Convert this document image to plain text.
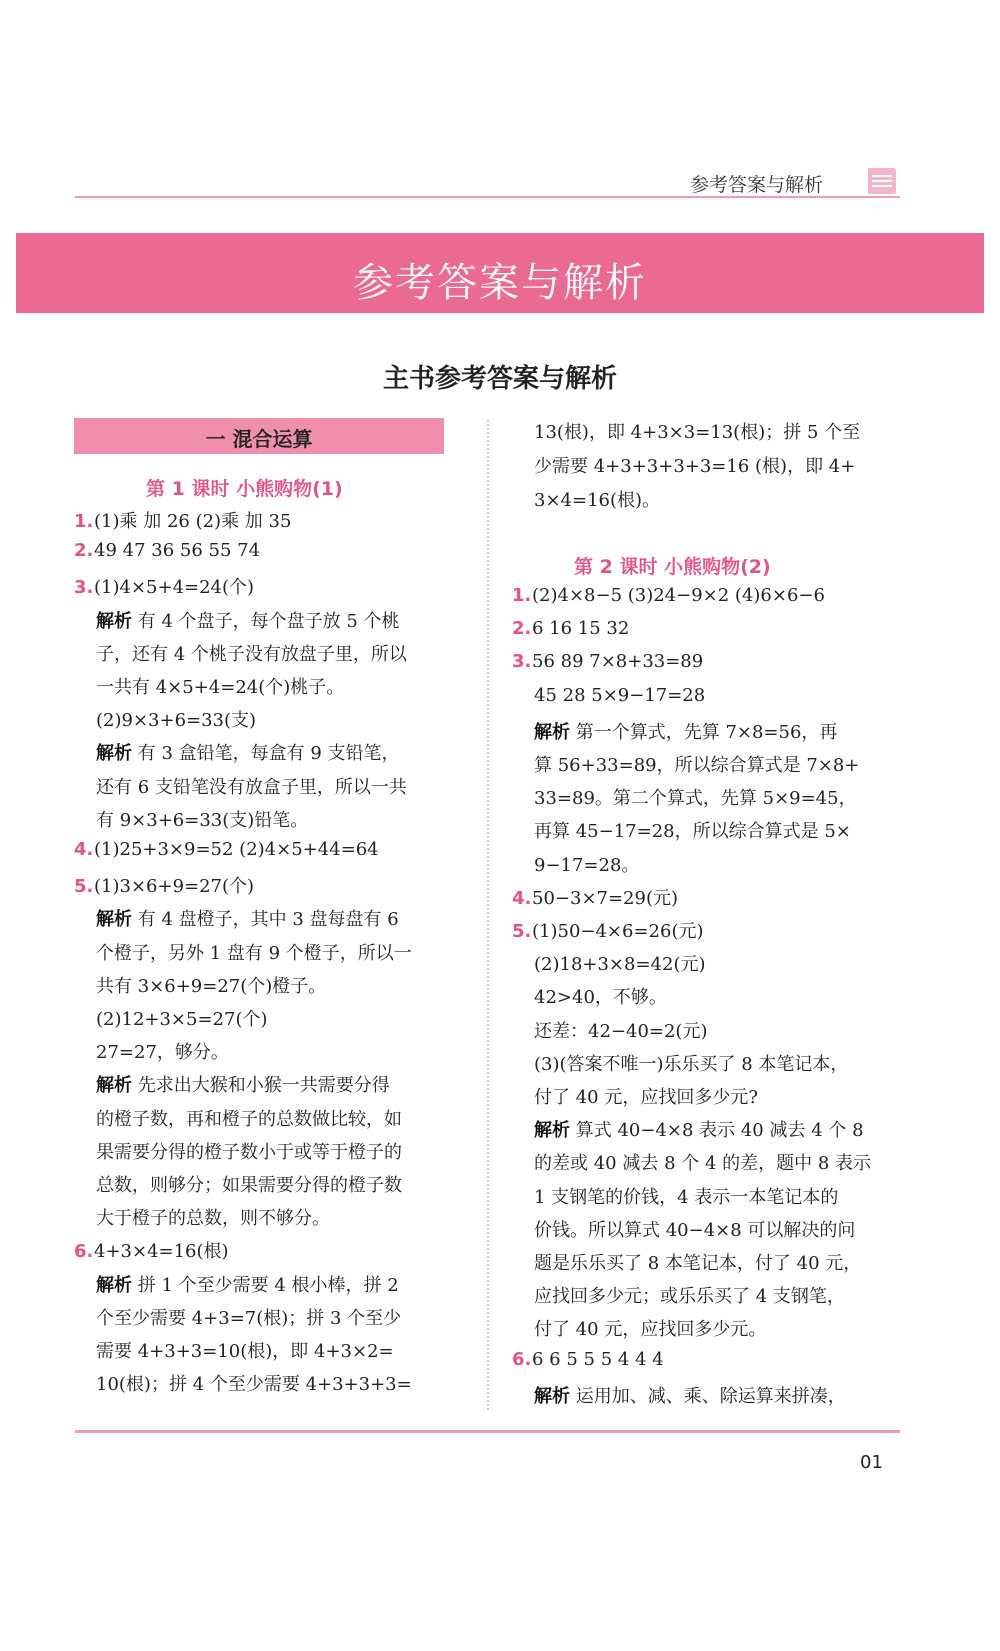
参考答案与解析
参考答案与解析
主书参考答案与解析
一 混合运算
第 1 课时 小熊购物(1)
1.(1)乘 加 26 (2)乘 加 35
2.49 47 36 56 55 74
3.(1)4×5+4=24(个)
解析 有 4 个盘子，每个盘子放 5 个桃
子，还有 4 个桃子没有放盘子里，所以
一共有 4×5+4=24(个)桃子。
(2)9×3+6=33(支)
解析 有 3 盒铅笔，每盒有 9 支铅笔，
还有 6 支铅笔没有放盒子里，所以一共
有 9×3+6=33(支)铅笔。
4.(1)25+3×9=52 (2)4×5+44=64
5.(1)3×6+9=27(个)
解析 有 4 盘橙子，其中 3 盘每盘有 6
个橙子，另外 1 盘有 9 个橙子，所以一
共有 3×6+9=27(个)橙子。
(2)12+3×5=27(个)
27=27，够分。
解析 先求出大猴和小猴一共需要分得
的橙子数，再和橙子的总数做比较，如
果需要分得的橙子数小于或等于橙子的
总数，则够分；如果需要分得的橙子数
大于橙子的总数，则不够分。
6.4+3×4=16(根)
解析 拼 1 个至少需要 4 根小棒，拼 2
个至少需要 4+3=7(根)；拼 3 个至少
需要 4+3+3=10(根)，即 4+3×2=
10(根)；拼 4 个至少需要 4+3+3+3=
13(根)，即 4+3×3=13(根)；拼 5 个至
少需要 4+3+3+3+3=16 (根)，即 4+
3×4=16(根)。
第 2 课时 小熊购物(2)
1.(2)4×8−5 (3)24−9×2 (4)6×6−6
2.6 16 15 32
3.56 89 7×8+33=89
45 28 5×9−17=28
解析 第一个算式，先算 7×8=56，再
算 56+33=89，所以综合算式是 7×8+
33=89。第二个算式，先算 5×9=45，
再算 45−17=28，所以综合算式是 5×
9−17=28。
4.50−3×7=29(元)
5.(1)50−4×6=26(元)
(2)18+3×8=42(元)
42>40，不够。
还差：42−40=2(元)
(3)(答案不唯一)乐乐买了 8 本笔记本，
付了 40 元，应找回多少元?
解析 算式 40−4×8 表示 40 减去 4 个 8
的差或 40 减去 8 个 4 的差，题中 8 表示
1 支钢笔的价钱，4 表示一本笔记本的
价钱。所以算式 40−4×8 可以解决的问
题是乐乐买了 8 本笔记本，付了 40 元，
应找回多少元；或乐乐买了 4 支钢笔，
付了 40 元，应找回多少元。
6.6 6 5 5 5 4 4 4
解析 运用加、减、乘、除运算来拼凑，
01
